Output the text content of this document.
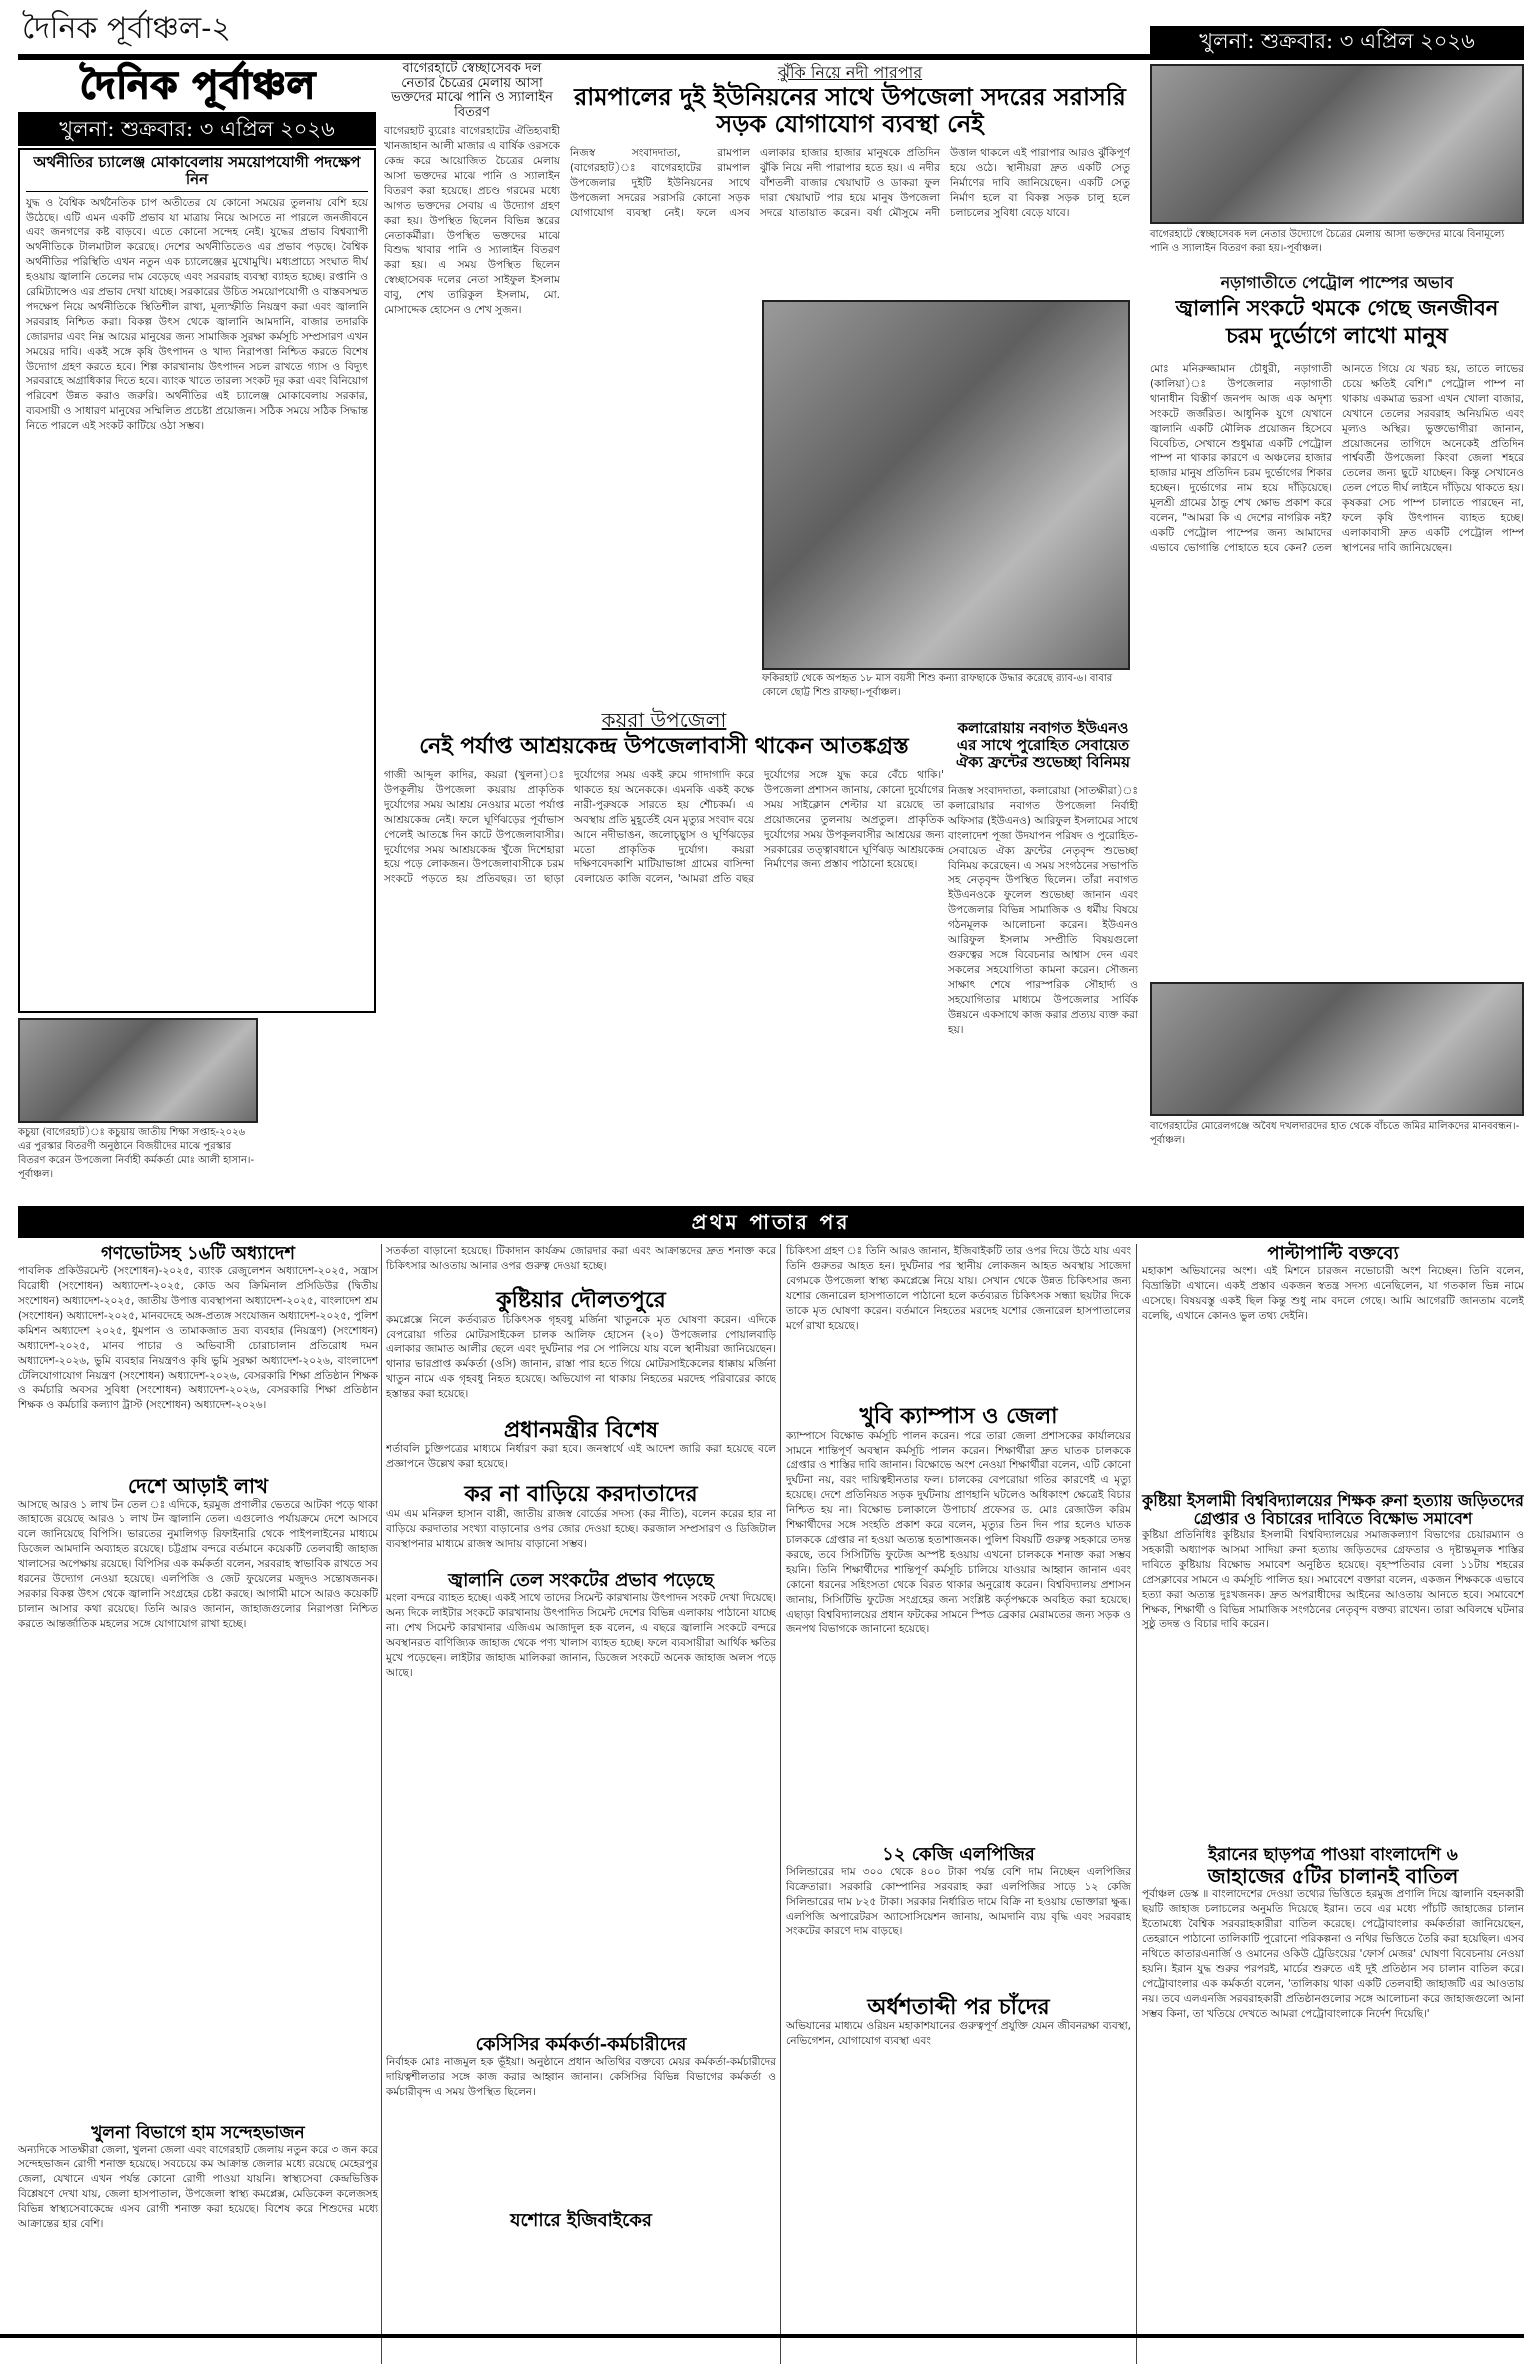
দৈনিক পূর্বাঞ্চল-২	খুলনা: শুক্রবার: ৩ এপ্রিল ২০২৬
দৈনিক পূর্বাঞ্চল
খুলনা: শুক্রবার: ৩ এপ্রিল ২০২৬
অর্থনীতির চ্যালেঞ্জ মোকাবেলায় সময়োপযোগী পদক্ষেপ নিন
যুদ্ধ ও বৈশ্বিক অর্থনৈতিক চাপ অতীতের যে কোনো সময়ের তুলনায় বেশি হয়ে উঠেছে। এটি এমন একটি প্রভাব যা মাত্রায় নিয়ে আসতে না পারলে জনজীবনে এবং জনগণের কষ্ট বাড়বে। এতে কোনো সন্দেহ নেই। যুদ্ধের প্রভাব বিশ্বব্যাপী অর্থনীতিকে টালমাটাল করেছে। দেশের অর্থনীতিতেও এর প্রভাব পড়ছে। বৈশ্বিক অর্থনীতির পরিস্থিতি এখন নতুন এক চ্যালেঞ্জের মুখোমুখি। মধ্যপ্রাচ্যে সংঘাত দীর্ঘ হওয়ায় জ্বালানি তেলের দাম বেড়েছে এবং সরবরাহ ব্যবস্থা ব্যাহত হচ্ছে। রপ্তানি ও রেমিট্যান্সেও এর প্রভাব দেখা যাচ্ছে। সরকারের উচিত সময়োপযোগী ও বাস্তবসম্মত পদক্ষেপ নিয়ে অর্থনীতিকে স্থিতিশীল রাখা, মূল্যস্ফীতি নিয়ন্ত্রণ করা এবং জ্বালানি সরবরাহ নিশ্চিত করা। বিকল্প উৎস থেকে জ্বালানি আমদানি, বাজার তদারকি জোরদার এবং নিম্ন আয়ের মানুষের জন্য সামাজিক সুরক্ষা কর্মসূচি সম্প্রসারণ এখন সময়ের দাবি। একই সঙ্গে কৃষি উৎপাদন ও খাদ্য নিরাপত্তা নিশ্চিত করতে বিশেষ উদ্যোগ গ্রহণ করতে হবে। শিল্প কারখানায় উৎপাদন সচল রাখতে গ্যাস ও বিদ্যুৎ সরবরাহে অগ্রাধিকার দিতে হবে। ব্যাংক খাতে তারল্য সংকট দূর করা এবং বিনিয়োগ পরিবেশ উন্নত করাও জরুরি। অর্থনীতির এই চ্যালেঞ্জ মোকাবেলায় সরকার, ব্যবসায়ী ও সাধারণ মানুষের সম্মিলিত প্রচেষ্টা প্রয়োজন। সঠিক সময়ে সঠিক সিদ্ধান্ত নিতে পারলে এই সংকট কাটিয়ে ওঠা সম্ভব।
কচুয়া (বাগেরহাট)ঃ কচুয়ায় জাতীয় শিক্ষা সপ্তাহ-২০২৬ এর পুরস্কার বিতরণী অনুষ্ঠানে বিজয়ীদের মাঝে পুরস্কার বিতরণ করেন উপজেলা নির্বাহী কর্মকর্তা মোঃ আলী হাসান।-পূর্বাঞ্চল।
বাগেরহাটে স্বেচ্ছাসেবক দল নেতার চৈত্রের মেলায় আসা ভক্তদের মাঝে পানি ও স্যালাইন বিতরণ
বাগেরহাট ব্যুরোঃ বাগেরহাটের ঐতিহ্যবাহী খানজাহান আলী মাজার এ বার্ষিক ওরসকে কেন্দ্র করে আয়োজিত চৈত্রের মেলায় আসা ভক্তদের মাঝে পানি ও স্যালাইন বিতরণ করা হয়েছে। প্রচণ্ড গরমের মধ্যে আগত ভক্তদের সেবায় এ উদ্যোগ গ্রহণ করা হয়। উপস্থিত ছিলেন বিভিন্ন স্তরের নেতাকর্মীরা। উপস্থিত ভক্তদের মাঝে বিশুদ্ধ খাবার পানি ও স্যালাইন বিতরণ করা হয়। এ সময় উপস্থিত ছিলেন স্বেচ্ছাসেবক দলের নেতা সাইফুল ইসলাম বাবু, শেখ তারিকুল ইসলাম, মো. মোসাদ্দেক হোসেন ও শেখ সুজন।
ঝুঁকি নিয়ে নদী পারপার
রামপালের দুই ইউনিয়নের সাথে উপজেলা সদরের সরাসরি সড়ক যোগাযোগ ব্যবস্থা নেই
নিজস্ব সংবাদদাতা, রামপাল (বাগেরহাট)ঃ বাগেরহাটের রামপাল উপজেলার দুইটি ইউনিয়নের সাথে উপজেলা সদরের সরাসরি কোনো সড়ক যোগাযোগ ব্যবস্থা নেই। ফলে এসব এলাকার হাজার হাজার মানুষকে প্রতিদিন ঝুঁকি নিয়ে নদী পারাপার হতে হয়। এ নদীর বাঁশতলী বাজার খেয়াঘাট ও ডাকরা ফুল দারা খেয়াঘাট পার হয়ে মানুষ উপজেলা সদরে যাতায়াত করেন। বর্ষা মৌসুমে নদী উত্তাল থাকলে এই পারাপার আরও ঝুঁকিপূর্ণ হয়ে ওঠে। স্থানীয়রা দ্রুত একটি সেতু নির্মাণের দাবি জানিয়েছেন। একটি সেতু নির্মাণ হলে বা বিকল্প সড়ক চালু হলে চলাচলের সুবিধা বেড়ে যাবে।
ফকিরহাট থেকে অপহৃত ১৮ মাস বয়সী শিশু কন্যা রাফছাকে উদ্ধার করেছে র‌্যাব-৬। বাবার কোলে ছোট্ট শিশু রাফছা।-পূর্বাঞ্চল।
কয়রা উপজেলা
নেই পর্যাপ্ত আশ্রয়কেন্দ্র উপজেলাবাসী থাকেন আতঙ্কগ্রস্ত
গাজী আব্দুল কাদির, কয়রা (খুলনা)ঃ উপকূলীয় উপজেলা কয়রায় প্রাকৃতিক দুর্যোগের সময় আশ্রয় নেওয়ার মতো পর্যাপ্ত আশ্রয়কেন্দ্র নেই। ফলে ঘূর্ণিঝড়ের পূর্বাভাস পেলেই আতঙ্কে দিন কাটে উপজেলাবাসীর। দুর্যোগের সময় আশ্রয়কেন্দ্র খুঁজে দিশেহারা হয়ে পড়ে লোকজন। উপজেলাবাসীকে চরম সংকটে পড়তে হয় প্রতিবছর। তা ছাড়া দুর্যোগের সময় একই রুমে গাদাগাদি করে থাকতে হয় অনেককে। এমনকি একই কক্ষে নারী-পুরুষকে সারতে হয় শৌচকর্ম। এ অবস্থায় প্রতি মুহূর্তেই যেন মৃত্যুর সংবাদ বয়ে আনে নদীভাঙন, জলোচ্ছ্বাস ও ঘূর্ণিঝড়ের মতো প্রাকৃতিক দুর্যোগ। কয়রা দক্ষিণবেদকাশি মাটিয়াভাঙ্গা গ্রামের বাসিন্দা বেলায়েত কাজি বলেন, 'আমরা প্রতি বছর দুর্যোগের সঙ্গে যুদ্ধ করে বেঁচে থাকি।' উপজেলা প্রশাসন জানায়, কোনো দুর্যোগের সময় সাইক্লোন শেল্টার যা রয়েছে তা প্রয়োজনের তুলনায় অপ্রতুল। প্রাকৃতিক দুর্যোগের সময় উপকূলবাসীর আশ্রয়ের জন্য সরকারের তত্ত্বাবধানে ঘূর্ণিঝড় আশ্রয়কেন্দ্র নির্মাণের জন্য প্রস্তাব পাঠানো হয়েছে।
কলারোয়ায় নবাগত ইউএনও এর সাথে পুরোহিত সেবায়েত ঐক্য ফ্রন্টের শুভেচ্ছা বিনিময়
নিজস্ব সংবাদদাতা, কলারোয়া (সাতক্ষীরা)ঃ কলারোয়ার নবাগত উপজেলা নির্বাহী অফিসার (ইউএনও) আরিফুল ইসলামের সাথে বাংলাদেশ পূজা উদযাপন পরিষদ ও পুরোহিত-সেবায়েত ঐক্য ফ্রন্টের নেতৃবৃন্দ শুভেচ্ছা বিনিময় করেছেন। এ সময় সংগঠনের সভাপতি সহ নেতৃবৃন্দ উপস্থিত ছিলেন। তাঁরা নবাগত ইউএনওকে ফুলেল শুভেচ্ছা জানান এবং উপজেলার বিভিন্ন সামাজিক ও ধর্মীয় বিষয়ে গঠনমূলক আলোচনা করেন। ইউএনও আরিফুল ইসলাম সম্প্রীতি বিষয়গুলো গুরুত্বের সঙ্গে বিবেচনার আশ্বাস দেন এবং সকলের সহযোগিতা কামনা করেন। সৌজন্য সাক্ষাৎ শেষে পারস্পরিক সৌহার্দ্য ও সহযোগিতার মাধ্যমে উপজেলার সার্বিক উন্নয়নে একসাথে কাজ করার প্রত্যয় ব্যক্ত করা হয়।
বাগেরহাটে স্বেচ্ছাসেবক দল নেতার উদ্যোগে চৈত্রের মেলায় আসা ভক্তদের মাঝে বিনামূল্যে পানি ও স্যালাইন বিতরণ করা হয়।-পূর্বাঞ্চল।
নড়াগাতীতে পেট্রোল পাম্পের অভাব
জ্বালানি সংকটে থমকে গেছে জনজীবন
চরম দুর্ভোগে লাখো মানুষ
মোঃ মনিরুজ্জামান চৌধুরী, নড়াগাতী (কালিয়া)ঃ উপজেলার নড়াগাতী থানাধীন বিস্তীর্ণ জনপদ আজ এক অদৃশ্য সংকটে জর্জরিত। আধুনিক যুগে যেখানে জ্বালানি একটি মৌলিক প্রয়োজন হিসেবে বিবেচিত, সেখানে শুধুমাত্র একটি পেট্রোল পাম্প না থাকার কারণে এ অঞ্চলের হাজার হাজার মানুষ প্রতিদিন চরম দুর্ভোগের শিকার হচ্ছেন। দুর্ভোগের নাম হয়ে দাঁড়িয়েছে। মূলশ্রী গ্রামের ঠান্ডু শেখ ক্ষোভ প্রকাশ করে বলেন, "আমরা কি এ দেশের নাগরিক নই? একটি পেট্রোল পাম্পের জন্য আমাদের এভাবে ভোগান্তি পোহাতে হবে কেন? তেল আনতে গিয়ে যে খরচ হয়, তাতে লাভের চেয়ে ক্ষতিই বেশি।" পেট্রোল পাম্প না থাকায় একমাত্র ভরসা এখন খোলা বাজার, যেখানে তেলের সরবরাহ অনিয়মিত এবং মূল্যও অস্থির। ভুক্তভোগীরা জানান, প্রয়োজনের তাগিদে অনেকেই প্রতিদিন পার্শ্ববর্তী উপজেলা কিংবা জেলা শহরে তেলের জন্য ছুটে যাচ্ছেন। কিন্তু সেখানেও তেল পেতে দীর্ঘ লাইনে দাঁড়িয়ে থাকতে হয়। কৃষকরা সেচ পাম্প চালাতে পারছেন না, ফলে কৃষি উৎপাদন ব্যাহত হচ্ছে। এলাকাবাসী দ্রুত একটি পেট্রোল পাম্প স্থাপনের দাবি জানিয়েছেন।
বাগেরহাটের মোরেলগঞ্জে অবৈধ দখলদারদের হাত থেকে বাঁচতে জমির মালিকদের মানববন্ধন।-পূর্বাঞ্চল।
প্রথম পাতার পর
গণভোটসহ ১৬টি অধ্যাদেশ
পাবলিক প্রকিউরমেন্ট (সংশোধন)-২০২৫, ব্যাংক রেজুলেশন অধ্যাদেশ-২০২৫, সন্ত্রাস বিরোধী (সংশোধন) অধ্যাদেশ-২০২৫, কোড অব ক্রিমিনাল প্রসিডিউর (দ্বিতীয় সংশোধন) অধ্যাদেশ-২০২৫, জাতীয় উপাত্ত ব্যবস্থাপনা অধ্যাদেশ-২০২৫, বাংলাদেশ শ্রম (সংশোধন) অধ্যাদেশ-২০২৫, মানবদেহে অঙ্গ-প্রত্যঙ্গ সংযোজন অধ্যাদেশ-২০২৫, পুলিশ কমিশন অধ্যাদেশ ২০২৫, ধুমপান ও তামাকজাত দ্রব্য ব্যবহার (নিয়ন্ত্রণ) (সংশোধন) অধ্যাদেশ-২০২৫, মানব পাচার ও অভিবাসী চোরাচালান প্রতিরোধ দমন অধ্যাদেশ-২০২৬, ভুমি ব্যবহার নিয়ন্ত্রণও কৃষি ভুমি সুরক্ষা অধ্যাদেশ-২০২৬, বাংলাদেশ টেলিযোগাযোগ নিয়ন্ত্রণ (সংশোধন) অধ্যাদেশ-২০২৬, বেসরকারি শিক্ষা প্রতিষ্ঠান শিক্ষক ও কর্মচারি অবসর সুবিধা (সংশোধন) অধ্যাদেশ-২০২৬, বেসরকারি শিক্ষা প্রতিষ্ঠান শিক্ষক ও কর্মচারি কল্যাণ ট্রাস্ট (সংশোধন) অধ্যাদেশ-২০২৬।
দেশে আড়াই লাখ
আসছে আরও ১ লাখ টন তেল ঃ এদিকে, হরমুজ প্রণালীর ভেতরে আটকা পড়ে থাকা জাহাজে রয়েছে আরও ১ লাখ টন জ্বালানি তেল। এগুলোও পর্যায়ক্রমে দেশে আসবে বলে জানিয়েছে বিপিসি। ভারতের নুমালিগড় রিফাইনারি থেকে পাইপলাইনের মাধ্যমে ডিজেল আমদানি অব্যাহত রয়েছে। চট্টগ্রাম বন্দরে বর্তমানে কয়েকটি তেলবাহী জাহাজ খালাসের অপেক্ষায় রয়েছে। বিপিসির এক কর্মকর্তা বলেন, সরবরাহ স্বাভাবিক রাখতে সব ধরনের উদ্যোগ নেওয়া হয়েছে। এলপিজি ও জেট ফুয়েলের মজুদও সন্তোষজনক। সরকার বিকল্প উৎস থেকে জ্বালানি সংগ্রহের চেষ্টা করছে। আগামী মাসে আরও কয়েকটি চালান আসার কথা রয়েছে। তিনি আরও জানান, জাহাজগুলোর নিরাপত্তা নিশ্চিত করতে আন্তর্জাতিক মহলের সঙ্গে যোগাযোগ রাখা হচ্ছে।
খুলনা বিভাগে হাম সন্দেহভাজন
অন্যদিকে সাতক্ষীরা জেলা, খুলনা জেলা এবং বাগেরহাট জেলায় নতুন করে ৩ জন করে সন্দেহভাজন রোগী শনাক্ত হয়েছে। সবচেয়ে কম আক্রান্ত জেলার মধ্যে রয়েছে মেহেরপুর জেলা, যেখানে এখন পর্যন্ত কোনো রোগী পাওয়া যায়নি। স্বাস্থ্যসেবা কেন্দ্রভিত্তিক বিশ্লেষণে দেখা যায়, জেলা হাসপাতাল, উপজেলা স্বাস্থ্য কমপ্লেক্স, মেডিকেল কলেজসহ বিভিন্ন স্বাস্থ্যসেবাকেন্দ্রে এসব রোগী শনাক্ত করা হয়েছে। বিশেষ করে শিশুদের মধ্যে আক্রান্তের হার বেশি।
সতর্কতা বাড়ানো হয়েছে। টিকাদান কার্যক্রম জোরদার করা এবং আক্রান্তদের দ্রুত শনাক্ত করে চিকিৎসার আওতায় আনার ওপর গুরুত্ব দেওয়া হচ্ছে।
কুষ্টিয়ার দৌলতপুরে
কমপ্লেক্সে নিলে কর্তব্যরত চিকিৎসক গৃহবধু মর্জিনা খাতুনকে মৃত ঘোষণা করেন। এদিকে বেপরোয়া গতির মোটরসাইকেল চালক আলিফ হোসেন (২০) উপজেলার পোয়ালবাড়ি এলাকার জামাত আলীর ছেলে এবং দুর্ঘটনার পর সে পালিয়ে যায় বলে স্থানীয়রা জানিয়েছেন। থানার ভারপ্রাপ্ত কর্মকর্তা (ওসি) জানান, রাস্তা পার হতে গিয়ে মোটরসাইকেলের ধাক্কায় মর্জিনা খাতুন নামে এক গৃহবধু নিহত হয়েছে। অভিযোগ না থাকায় নিহতের মরদেহ পরিবারের কাছে হস্তান্তর করা হয়েছে।
প্রধানমন্ত্রীর বিশেষ
শর্তাবলি চুক্তিপত্রের মাধ্যমে নির্ধারণ করা হবে। জনস্বার্থে এই আদেশ জারি করা হয়েছে বলে প্রজ্ঞাপনে উল্লেখ করা হয়েছে।
কর না বাড়িয়ে করদাতাদের
এম এম মনিরুল হাসান বাপ্পী, জাতীয় রাজস্ব বোর্ডের সদস্য (কর নীতি), বলেন করের হার না বাড়িয়ে করদাতার সংখ্যা বাড়ানোর ওপর জোর দেওয়া হচ্ছে। করজাল সম্প্রসারণ ও ডিজিটাল ব্যবস্থাপনার মাধ্যমে রাজস্ব আদায় বাড়ানো সম্ভব।
জ্বালানি তেল সংকটের প্রভাব পড়েছে
মংলা বন্দরে ব্যাহত হচ্ছে। একই সাথে তাদের সিমেন্ট কারখানায় উৎপাদন সংকট দেখা দিয়েছে। অন্য দিকে লাইটার সংকটে কারখানায় উৎপাদিত সিমেন্ট দেশের বিভিন্ন এলাকায় পাঠানো যাচ্ছে না। শেখ সিমেন্ট কারখানার এজিএম আজাদুল হক বলেন, এ বছরে জ্বালানি সংকটে বন্দরে অবস্থানরত বাণিজ্যিক জাহাজ থেকে পণ্য খালাস ব্যাহত হচ্ছে। ফলে ব্যবসায়ীরা আর্থিক ক্ষতির মুখে পড়েছেন। লাইটার জাহাজ মালিকরা জানান, ডিজেল সংকটে অনেক জাহাজ অলস পড়ে আছে।
কেসিসির কর্মকর্তা-কর্মচারীদের
নির্বাহক মোঃ নাজমুল হক ভূঁইয়া। অনুষ্ঠানে প্রধান অতিথির বক্তব্যে মেয়র কর্মকর্তা-কর্মচারীদের দায়িত্বশীলতার সঙ্গে কাজ করার আহ্বান জানান। কেসিসির বিভিন্ন বিভাগের কর্মকর্তা ও কর্মচারীবৃন্দ এ সময় উপস্থিত ছিলেন।
যশোরে ইজিবাইকের
চিকিৎসা গ্রহণ ঃ তিনি আরও জানান, ইজিবাইকটি তার ওপর দিয়ে উঠে যায় এবং তিনি গুরুতর আহত হন। দুর্ঘটনার পর স্থানীয় লোকজন আহত অবস্থায় সাজেদা বেগমকে উপজেলা স্বাস্থ্য কমপ্লেক্সে নিয়ে যায়। সেখান থেকে উন্নত চিকিৎসার জন্য যশোর জেনারেল হাসপাতালে পাঠানো হলে কর্তব্যরত চিকিৎসক সন্ধ্যা ছয়টার দিকে তাকে মৃত ঘোষণা করেন। বর্তমানে নিহতের মরদেহ যশোর জেনারেল হাসপাতালের মর্গে রাখা হয়েছে।
খুবি ক্যাম্পাস ও জেলা
ক্যাম্পাসে বিক্ষোভ কর্মসূচি পালন করেন। পরে তারা জেলা প্রশাসকের কার্যালয়ের সামনে শান্তিপূর্ণ অবস্থান কর্মসূচি পালন করেন। শিক্ষার্থীরা দ্রুত ঘাতক চালককে গ্রেপ্তার ও শাস্তির দাবি জানান। বিক্ষোভে অংশ নেওয়া শিক্ষার্থীরা বলেন, এটি কোনো দুর্ঘটনা নয়, বরং দায়িত্বহীনতার ফল। চালকের বেপরোয়া গতির কারণেই এ মৃত্যু হয়েছে। দেশে প্রতিনিয়ত সড়ক দুর্ঘটনায় প্রাণহানি ঘটলেও অধিকাংশ ক্ষেত্রেই বিচার নিশ্চিত হয় না। বিক্ষোভ চলাকালে উপাচার্য প্রফেসর ড. মোঃ রেজাউল করিম শিক্ষার্থীদের সঙ্গে সংহতি প্রকাশ করে বলেন, মৃত্যুর তিন দিন পার হলেও ঘাতক চালককে গ্রেপ্তার না হওয়া অত্যন্ত হতাশাজনক। পুলিশ বিষয়টি গুরুত্ব সহকারে তদন্ত করছে, তবে সিসিটিভি ফুটেজ অস্পষ্ট হওয়ায় এখনো চালককে শনাক্ত করা সম্ভব হয়নি। তিনি শিক্ষার্থীদের শান্তিপূর্ণ কর্মসূচি চালিয়ে যাওয়ার আহ্বান জানান এবং কোনো ধরনের সহিংসতা থেকে বিরত থাকার অনুরোধ করেন। বিশ্ববিদ্যালয় প্রশাসন জানায়, সিসিটিভি ফুটেজ সংগ্রহের জন্য সংশ্লিষ্ট কর্তৃপক্ষকে অবহিত করা হয়েছে। এছাড়া বিশ্ববিদ্যালয়ের প্রধান ফটকের সামনে স্পিড ব্রেকার মেরামতের জন্য সড়ক ও জনপথ বিভাগকে জানানো হয়েছে।
১২ কেজি এলপিজির
সিলিন্ডারের দাম ৩০০ থেকে ৪০০ টাকা পর্যন্ত বেশি দাম নিচ্ছেন এলপিজির বিক্রেতারা। সরকারি কোম্পানির সরবরাহ করা এলপিজির সাড়ে ১২ কেজি সিলিন্ডারের দাম ৮২৫ টাকা। সরকার নির্ধারিত দামে বিক্রি না হওয়ায় ভোক্তারা ক্ষুব্ধ। এলপিজি অপারেটরস অ্যাসোসিয়েশন জানায়, আমদানি ব্যয় বৃদ্ধি এবং সরবরাহ সংকটের কারণে দাম বাড়ছে।
অর্ধশতাব্দী পর চাঁদের
অভিযানের মাধ্যমে ওরিয়ন মহাকাশযানের গুরুত্বপূর্ণ প্রযুক্তি যেমন জীবনরক্ষা ব্যবস্থা, নেভিগেশন, যোগাযোগ ব্যবস্থা এবং
পাল্টাপাল্টি বক্তব্যে
মহাকাশ অভিযানের অংশ। এই মিশনে চারজন নভোচারী অংশ নিচ্ছেন। তিনি বলেন, বিভ্রান্তিটা এখানে। একই প্রস্তাব একজন স্বতন্ত্র সদস্য এনেছিলেন, যা গতকাল ভিন্ন নামে এসেছে। বিষয়বস্তু একই ছিল কিন্তু শুধু নাম বদলে গেছে। আমি আগেরটি জানতাম বলেই বলেছি, এখানে কোনও ভুল তথ্য দেইনি।
কুষ্টিয়া ইসলামী বিশ্ববিদ্যালয়ের শিক্ষক রুনা হত্যায় জড়িতদের গ্রেপ্তার ও বিচারের দাবিতে বিক্ষোভ সমাবেশ
কুষ্টিয়া প্রতিনিধিঃ কুষ্টিয়ার ইসলামী বিশ্ববিদ্যালয়ের সমাজকল্যাণ বিভাগের চেয়ারম্যান ও সহকারী অধ্যাপক আসমা সাদিয়া রুনা হত্যায় জড়িতদের গ্রেফতার ও দৃষ্টান্তমূলক শাস্তির দাবিতে কুষ্টিয়ায় বিক্ষোভ সমাবেশ অনুষ্ঠিত হয়েছে। বৃহস্পতিবার বেলা ১১টায় শহরের প্রেসক্লাবের সামনে এ কর্মসূচি পালিত হয়। সমাবেশে বক্তারা বলেন, একজন শিক্ষককে এভাবে হত্যা করা অত্যন্ত দুঃখজনক। দ্রুত অপরাধীদের আইনের আওতায় আনতে হবে। সমাবেশে শিক্ষক, শিক্ষার্থী ও বিভিন্ন সামাজিক সংগঠনের নেতৃবৃন্দ বক্তব্য রাখেন। তারা অবিলম্বে ঘটনার সুষ্ঠু তদন্ত ও বিচার দাবি করেন।
ইরানের ছাড়পত্র পাওয়া বাংলাদেশি ৬
জাহাজের ৫টির চালানই বাতিল
পূর্বাঞ্চল ডেস্ক ॥ বাংলাদেশের দেওয়া তথ্যের ভিত্তিতে হরমুজ প্রণালি দিয়ে জ্বালানি বহনকারী ছয়টি জাহাজ চলাচলের অনুমতি দিয়েছে ইরান। তবে এর মধ্যে পাঁচটি জাহাজের চালান ইতোমধ্যে বৈশ্বিক সরবরাহকারীরা বাতিল করেছে। পেট্রোবাংলার কর্মকর্তারা জানিয়েছেন, তেহরানে পাঠানো তালিকাটি পুরোনো পরিকল্পনা ও নথির ভিত্তিতে তৈরি করা হয়েছিল। এসব নথিতে কাতারএনার্জি ও ওমানের ওকিউ ট্রেডিংয়ের 'ফোর্স মেজর' ঘোষণা বিবেচনায় নেওয়া হয়নি। ইরান যুদ্ধ শুরুর পরপরই, মার্চের শুরুতে এই দুই প্রতিষ্ঠান সব চালান বাতিল করে। পেট্রোবাংলার এক কর্মকর্তা বলেন, 'তালিকায় থাকা একটি তেলবাহী জাহাজটি এর আওতায় নয়। তবে এলএনজি সরবরাহকারী প্রতিষ্ঠানগুলোর সঙ্গে আলোচনা করে জাহাজগুলো আনা সম্ভব কিনা, তা খতিয়ে দেখতে আমরা পেট্রোবাংলাকে নির্দেশ দিয়েছি।'
